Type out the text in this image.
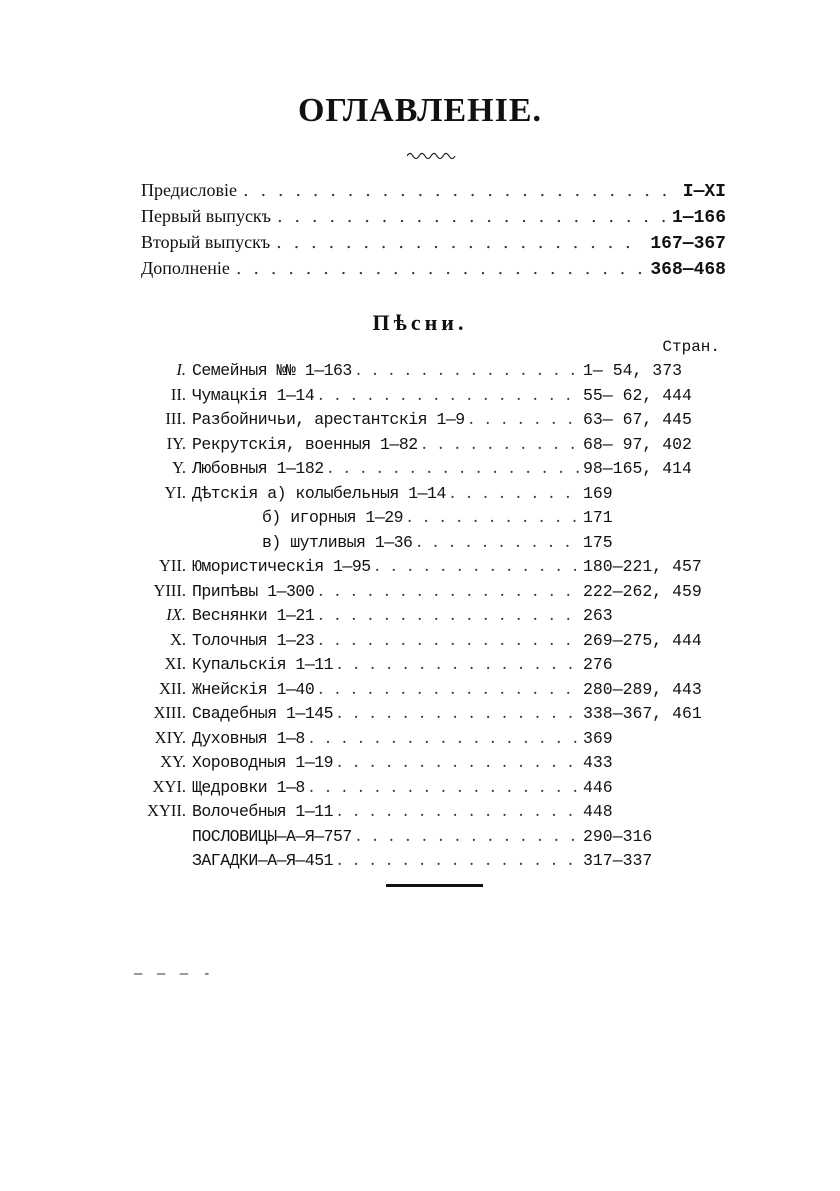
ОГЛАВЛЕНІЕ.
Предисловіе . . .	I—XI
Первый выпускъ . . .	1—166
Вторый выпускъ . . .	167—367
Дополненіе . . .	368—468
Пѣсни.
Стран.
I. Семейныя №№ 1—163 . . .	1— 54, 373
II. Чумацкія 1—14 . . .	55— 62, 444
III. Разбойничьи, арестантскія 1—9 . . .	63— 67, 445
IY. Рекрутскія, военныя 1—82 . . .	68— 97, 402
Y. Любовныя 1—182 . . .	98—165, 414
YI. Дѣтскія а) колыбельныя 1—14 . . .	169
б) игорныя 1—29 . . .	171
в) шутливыя 1—36 . . .	175
YII. Юмористическія 1—95 . . .	180—221, 457
YIII. Припѣвы 1—300 . . .	222—262, 459
IX. Веснянки 1—21 . . .	263
X. Толочныя 1—23 . . .	269—275, 444
XI. Купальскія 1—11 . . .	276
XII. Жнейскія 1—40 . . .	280—289, 443
XIII. Свадебныя 1—145 . . .	338—367, 461
XIY. Духовныя 1—8 . . .	369
XY. Хороводныя 1—19 . . .	433
XYI. Щедровки 1—8 . . .	446
XYII. Волочебныя 1—11 . . .	448
ПОСЛОВИЦЫ—А—Я—757 . . .	290—316
ЗАГАДКИ—А—Я—451 . . .	317—337
— — — -
